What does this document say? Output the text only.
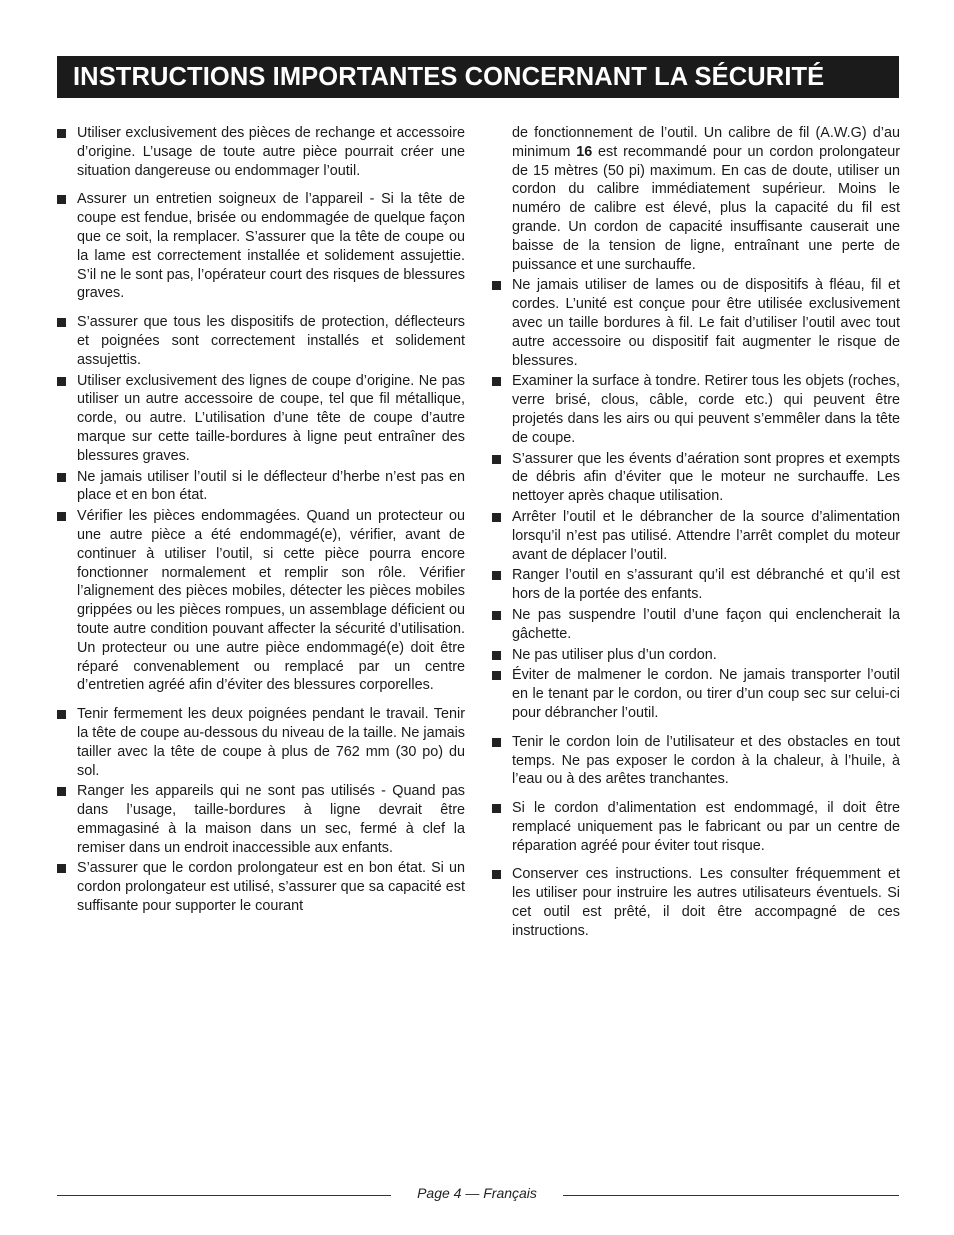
INSTRUCTIONS IMPORTANTES CONCERNANT LA SÉCURITÉ
Utiliser exclusivement des pièces de rechange et accessoire d’origine. L’usage de toute autre pièce pourrait créer une situation dangereuse ou endommager l’outil.
Assurer un entretien soigneux de l’appareil - Si la tête de coupe est fendue, brisée ou endommagée de quelque façon que ce soit, la remplacer. S’assurer que la tête de coupe ou la lame est correctement installée et solidement assujettie. S’il ne le sont pas, l’opérateur court des risques de blessures graves.
S’assurer que tous les dispositifs de protection, déflecteurs et poignées sont correctement installés et solidement assujettis.
Utiliser exclusivement des lignes de coupe d’origine. Ne pas utiliser un autre accessoire de coupe, tel que fil métallique, corde, ou autre. L’utilisation d’une tête de coupe d’autre marque sur cette taille-bordures à ligne peut entraîner des blessures graves.
Ne jamais utiliser l’outil si le déflecteur d’herbe n’est pas en place et en bon état.
Vérifier les pièces endommagées. Quand un protecteur ou une autre pièce a été endommagé(e), vérifier, avant de continuer à utiliser l’outil, si cette pièce pourra encore fonctionner normalement et remplir son rôle. Vérifier l’alignement des pièces mobiles, détecter les pièces mobiles grippées ou les pièces rompues, un assemblage déficient ou toute autre condition pouvant affecter la sécurité d’utilisation. Un protecteur ou une autre pièce endommagé(e) doit être réparé convenablement ou remplacé par un centre d’entretien agréé afin d’éviter des blessures corporelles.
Tenir fermement les deux poignées pendant le travail. Tenir la tête de coupe au-dessous du niveau de la taille. Ne jamais tailler avec la tête de coupe à plus de 762 mm (30 po) du sol.
Ranger les appareils qui ne sont pas utilisés - Quand pas dans l’usage, taille-bordures à ligne devrait être emmagasiné à la maison dans un sec, fermé à clef la remiser dans un endroit inaccessible aux enfants.
S’assurer que le cordon prolongateur est en bon état. Si un cordon prolongateur est utilisé, s’assurer que sa capacité est suffisante pour supporter le courant
de fonctionnement de l’outil. Un calibre de fil (A.W.G) d’au minimum 16 est recommandé pour un cordon prolongateur de 15 mètres (50 pi) maximum. En cas de doute, utiliser un cordon du calibre immédiatement supérieur. Moins le numéro de calibre est élevé, plus la capacité du fil est grande. Un cordon de capacité insuffisante causerait une baisse de la tension de ligne, entraînant une perte de puissance et une surchauffe.
Ne jamais utiliser de lames ou de dispositifs à fléau, fil et cordes. L’unité est conçue pour être utilisée exclusivement avec un taille bordures à fil. Le fait d’utiliser l’outil avec tout autre accessoire ou dispositif fait augmenter le risque de blessures.
Examiner la surface à tondre. Retirer tous les objets (roches, verre brisé, clous, câble, corde etc.) qui peuvent être projetés dans les airs ou qui peuvent s’emmêler dans la tête de coupe.
S’assurer que les évents d’aération sont propres et exempts de débris afin d’éviter que le moteur ne surchauffe. Les nettoyer après chaque utilisation.
Arrêter l’outil et le débrancher de la source d’alimentation lorsqu’il n’est pas utilisé. Attendre l’arrêt complet du moteur avant de déplacer l’outil.
Ranger l’outil en s’assurant qu’il est débranché et qu’il est hors de la portée des enfants.
Ne pas suspendre l’outil d’une façon qui enclencherait la gâchette.
Ne pas utiliser plus d’un cordon.
Éviter de malmener le cordon. Ne jamais transporter l’outil en le tenant par le cordon, ou tirer d’un coup sec sur celui-ci pour débrancher l’outil.
Tenir le cordon loin de l’utilisateur et des obstacles en tout temps. Ne pas exposer le cordon à la chaleur, à l’huile, à l’eau ou à des arêtes tranchantes.
Si le cordon d’alimentation est endommagé, il doit être remplacé uniquement pas le fabricant ou par un centre de réparation agréé pour éviter tout risque.
Conserver ces instructions. Les consulter fréquemment et les utiliser pour instruire les autres utilisateurs éventuels. Si cet outil est prêté, il doit être accompagné de ces instructions.
Page 4 — Français
